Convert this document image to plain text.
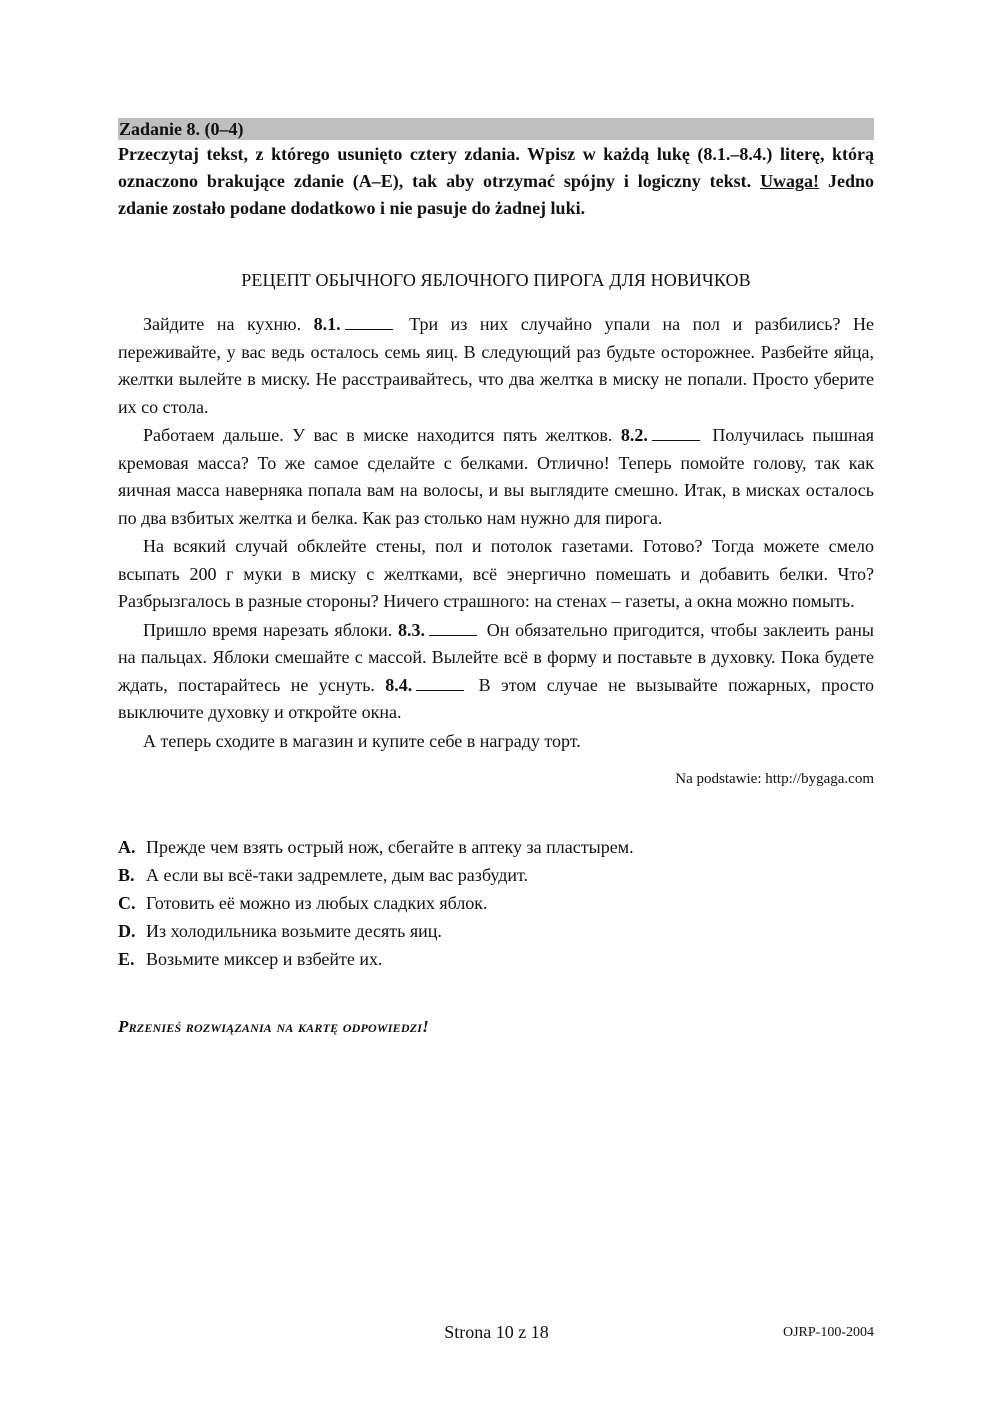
Zadanie 8. (0–4)
Przeczytaj tekst, z którego usunięto cztery zdania. Wpisz w każdą lukę (8.1.–8.4.) literę, którą oznaczono brakujące zdanie (A–E), tak aby otrzymać spójny i logiczny tekst. Uwaga! Jedno zdanie zostało podane dodatkowo i nie pasuje do żadnej luki.
РЕЦЕПТ ОБЫЧНОГО ЯБЛОЧНОГО ПИРОГА ДЛЯ НОВИЧКОВ

Зайдите на кухню. 8.1.	Три из них случайно упали на пол и разбились? Не переживайте, у вас ведь осталось семь яиц. В следующий раз будьте осторожнее. Разбейте яйца, желтки вылейте в миску. Не расстраивайтесь, что два желтка в миску не попали. Просто уберите их со стола.

Работаем дальше. У вас в миске находится пять желтков. 8.2.	Получилась пышная кремовая масса? То же самое сделайте с белками. Отлично! Теперь помойте голову, так как яичная масса наверняка попала вам на волосы, и вы выглядите смешно. Итак, в мисках осталось по два взбитых желтка и белка. Как раз столько нам нужно для пирога.

На всякий случай обклейте стены, пол и потолок газетами. Готово? Тогда можете смело всыпать 200 г муки в миску с желтками, всё энергично помешать и добавить белки. Что? Разбрызгалось в разные стороны? Ничего страшного: на стенах – газеты, а окна можно помыть.

Пришло время нарезать яблоки. 8.3.	Он обязательно пригодится, чтобы заклеить раны на пальцах. Яблоки смешайте с массой. Вылейте всё в форму и поставьте в духовку. Пока будете ждать, постарайтесь не уснуть. 8.4.	В этом случае не вызывайте пожарных, просто выключите духовку и откройте окна.

А теперь сходите в магазин и купите себе в награду торт.

Na podstawie: http://bygaga.com
A. Прежде чем взять острый нож, сбегайте в аптеку за пластырем.
B. А если вы всё-таки задремлете, дым вас разбудит.
C. Готовить её можно из любых сладких яблок.
D. Из холодильника возьмите десять яиц.
E. Возьмите миксер и взбейте их.
Przenieś rozwiązania na kartę odpowiedzi!
Strona 10 z 18	OJRP-100-2004
